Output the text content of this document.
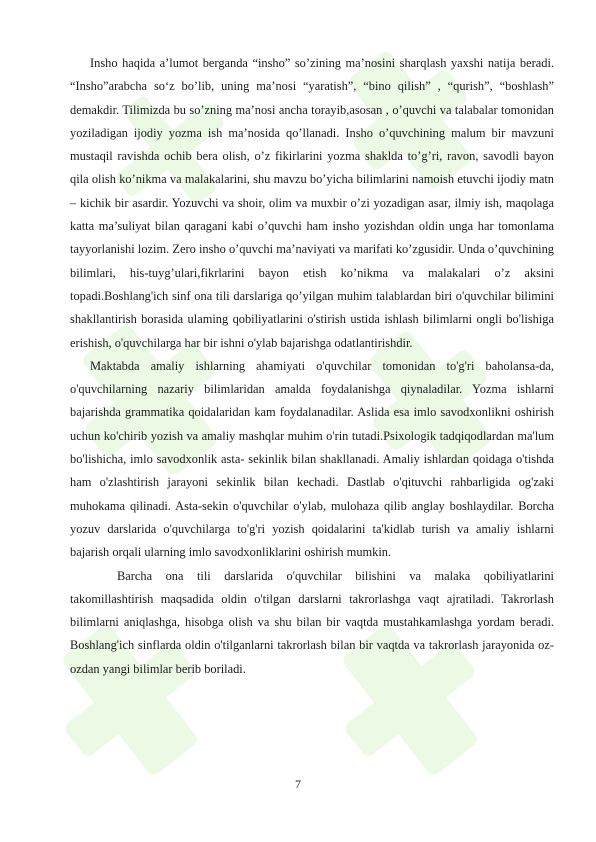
Insho haqida a’lumot berganda “insho” so’zining ma’nosini sharqlash yaxshi natija beradi. “Insho”arabcha so‘z bo’lib, uning ma’nosi “yaratish”, “bino qilish” , “qurish”, “boshlash” demakdir. Tilimizda bu so’zning ma’nosi ancha torayib,asosan , o’quvchi va talabalar tomonidan yoziladigan ijodiy yozma ish ma’nosida qo’llanadi. Insho o’quvchining malum bir mavzuni mustaqil ravishda ochib bera olish, o’z fikirlarini yozma shaklda to’g’ri, ravon, savodli bayon qila olish ko’nikma va malakalarini, shu mavzu bo’yicha bilimlarini namoish etuvchi ijodiy matn – kichik bir asardir. Yozuvchi va shoir, olim va muxbir o’zi yozadigan asar, ilmiy ish, maqolaga katta ma’suliyat bilan qaragani kabi o’quvchi ham insho yozishdan oldin unga har tomonlama tayyorlanishi lozim. Zero insho o’quvchi ma’naviyati va marifati ko’zgusidir. Unda o’quvchining bilimlari, his-tuyg’ulari,fikrlarini bayon etish ko’nikma va malakalari o’z aksini topadi.Boshlang'ich sinf ona tili darslariga qo’yilgan muhim talablardan biri o'quvchilar bilimini shakllantirish borasida ulaming qobiliyatlarini o'stirish ustida ishlash bilimlarni ongli bo'lishiga erishish, o'quvchilarga har bir ishni o'ylab bajarishga odatlantirishdir.

Maktabda amaliy ishlarning ahamiyati o'quvchilar tomonidan to'g'ri baholansa-da, o'quvchilarning nazariy bilimlaridan amalda foydalanishga qiynaladilar. Yozma ishlarni bajarishda grammatika qoidalaridan kam foydalanadilar. Aslida esa imlo savodxonlikni oshirish uchun ko'chirib yozish va amaliy mashqlar muhim o'rin tutadi.Psixologik tadqiqodlardan ma'lum bo'lishicha, imlo savodxonlik asta- sekinlik bilan shakllanadi. Amaliy ishlardan qoidaga o'tishda ham o'zlashtirish jarayoni sekinlik bilan kechadi. Dastlab o'qituvchi rahbarligida og'zaki muhokama qilinadi. Asta-sekin o'quvchilar o'ylab, mulohaza qilib anglay boshlaydilar. Borcha yozuv darslarida o'quvchilarga to'g'ri yozish qoidalarini ta'kidlab turish va amaliy ishlarni bajarish orqali ularning imlo savodxonliklarini oshirish mumkin.

Barcha ona tili darslarida o'quvchilar bilishini va malaka qobiliyatlarini takomillashtirish maqsadida oldin o'tilgan darslarni takrorlashga vaqt ajratiladi. Takrorlash bilimlarni aniqlashga, hisobga olish va shu bilan bir vaqtda mustahkamlashga yordam beradi. Boshlang'ich sinflarda oldin o'tilganlarni takrorlash bilan bir vaqtda va takrorlash jarayonida oz-ozdan yangi bilimlar berib boriladi.

7
